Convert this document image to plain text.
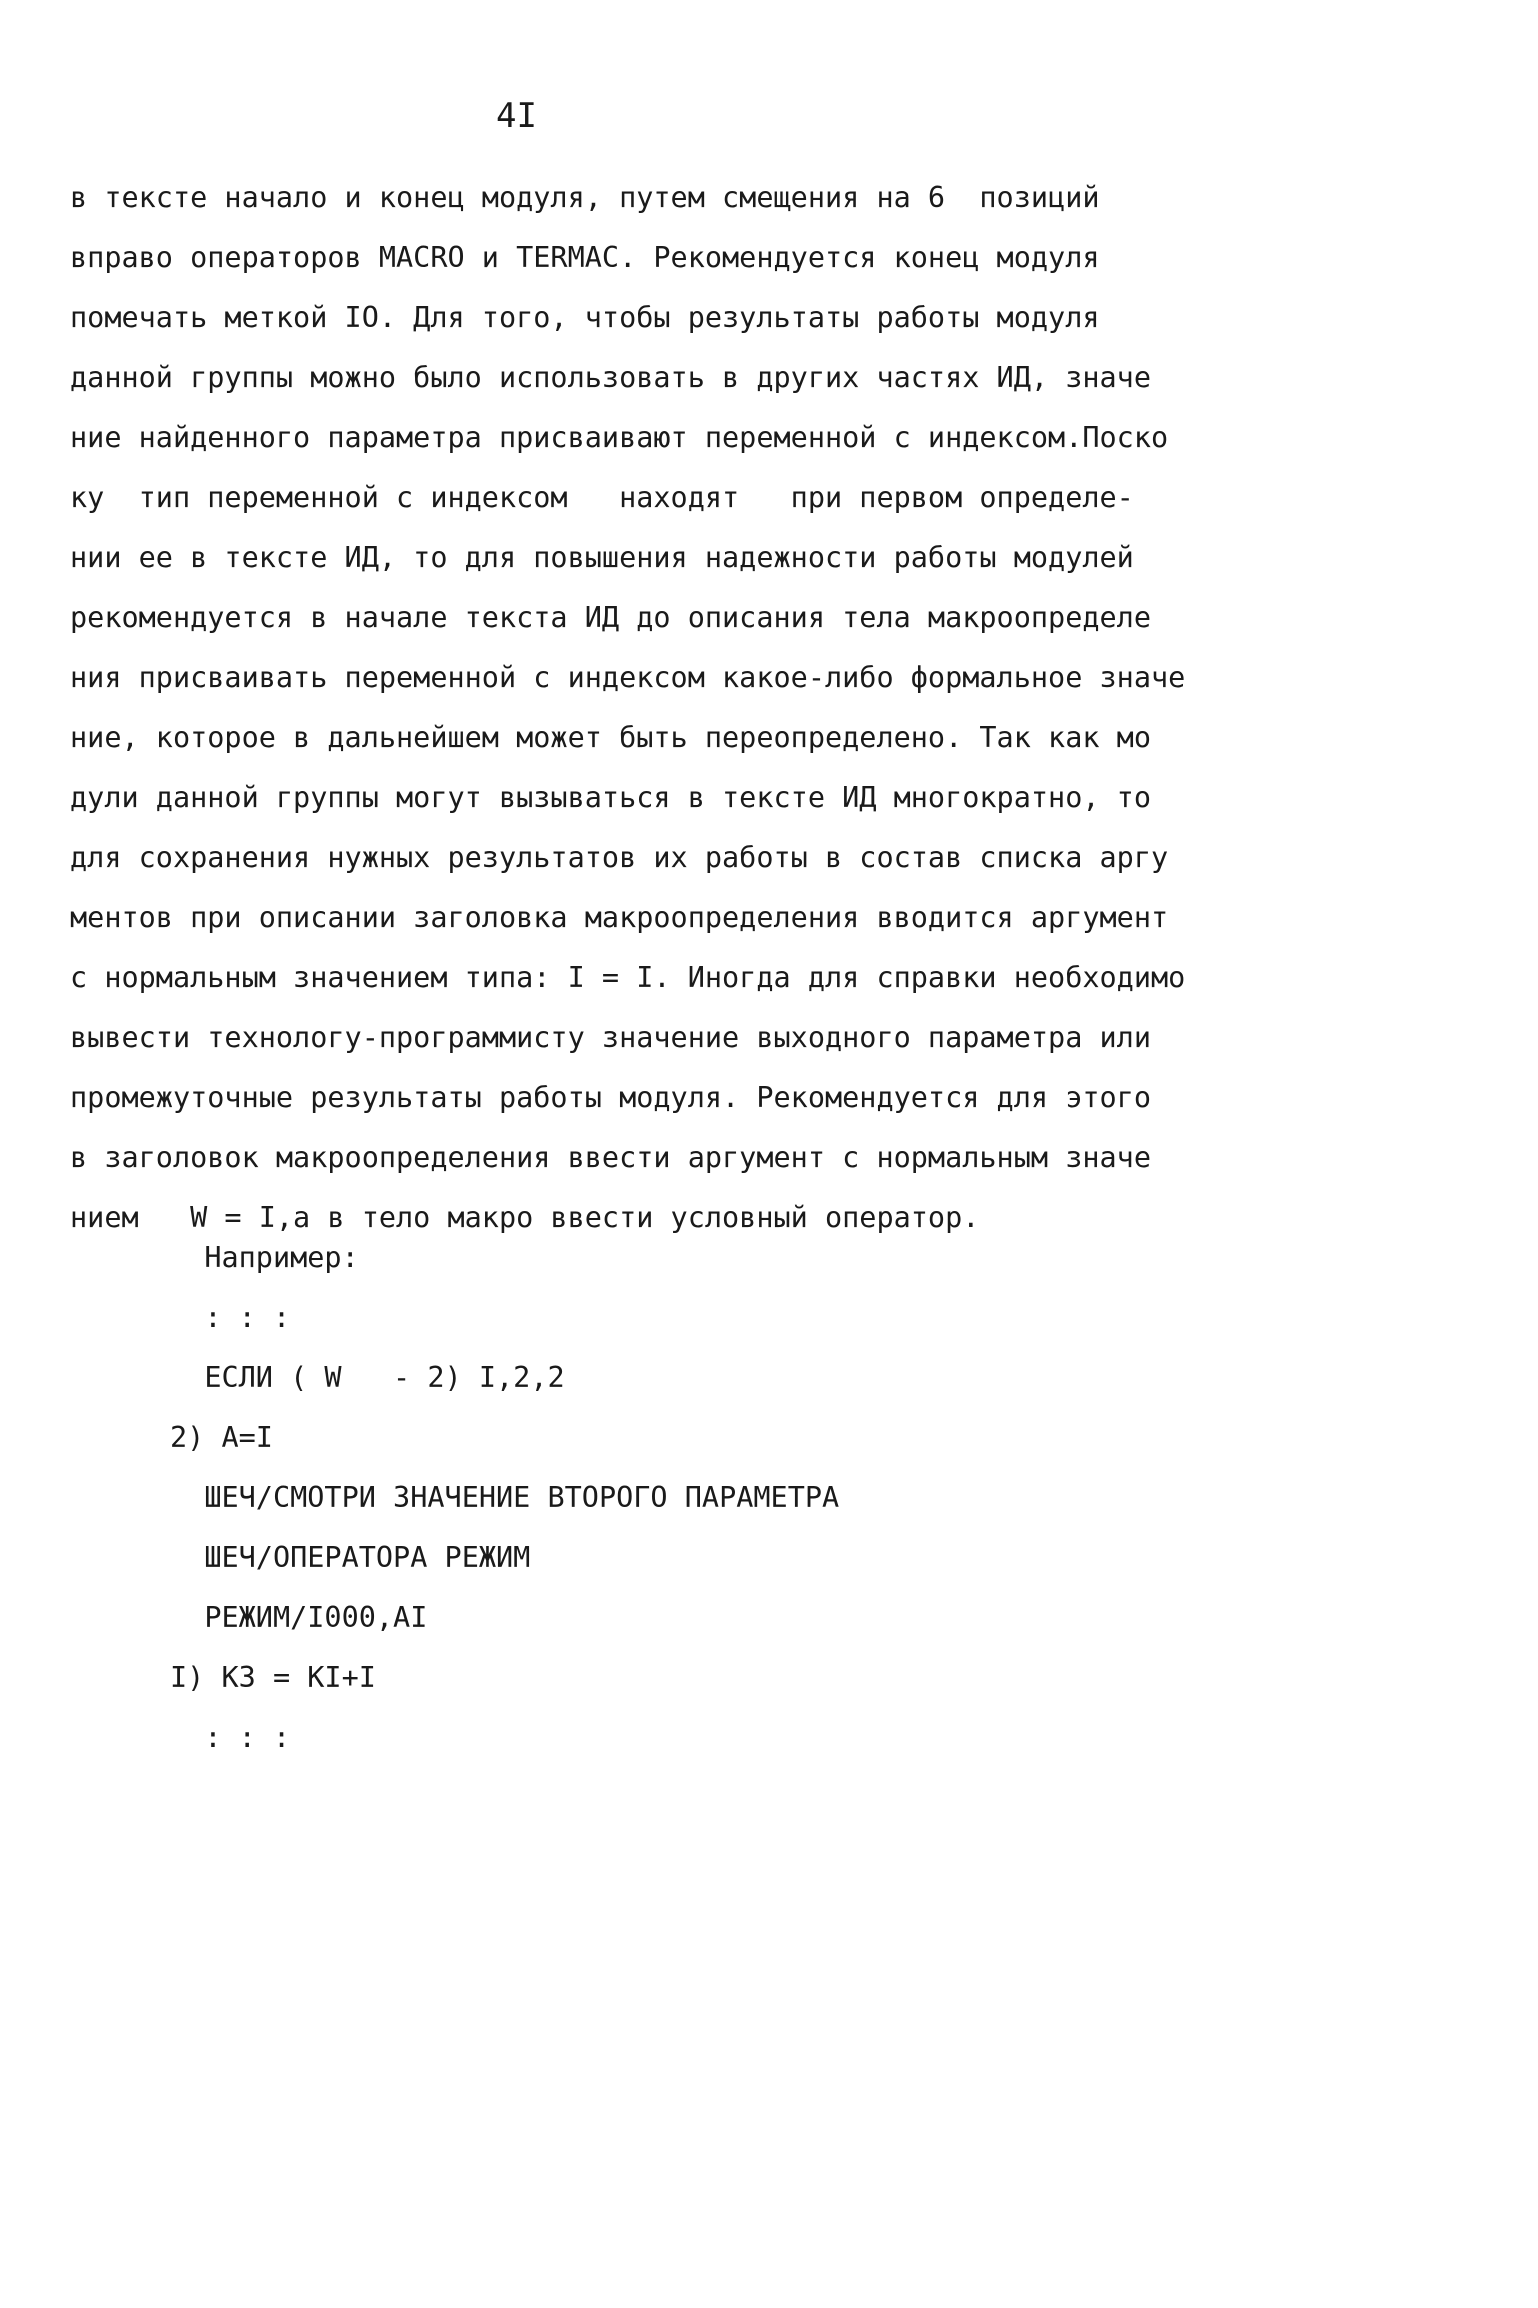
4I
в тексте начало и конец модуля, путем смещения на 6  позиций
вправо операторов MACRO и TERMAC. Рекомендуется конец модуля
помечать меткой IO. Для того, чтобы результаты работы модуля
данной группы можно было использовать в других частях ИД, значе
ние найденного параметра присваивают переменной с индексом.Поско
ку  тип переменной с индексом   находят   при первом определе-
нии ее в тексте ИД, то для повышения надежности работы модулей
рекомендуется в начале текста ИД до описания тела макроопределе
ния присваивать переменной с индексом какое-либо формальное значе
ние, которое в дальнейшем может быть переопределено. Так как мо
дули данной группы могут вызываться в тексте ИД многократно, то
для сохранения нужных результатов их работы в состав списка аргу
ментов при описании заголовка макроопределения вводится аргумент
с нормальным значением типа: I = I. Иногда для справки необходимо
вывести технологу-программисту значение выходного параметра или
промежуточные результаты работы модуля. Рекомендуется для этого
в заголовок макроопределения ввести аргумент с нормальным значе
нием   W = I,а в тело макро ввести условный оператор.
Например:
: : :
ЕСЛИ ( W   - 2) I,2,2
2) A=I
ШЕЧ/СМОТРИ ЗНАЧЕНИЕ ВТОРОГО ПАРАМЕТРА
ШЕЧ/ОПЕРАТОРА РЕЖИМ
РЕЖИМ/I000,AI
I) K3 = KI+I
: : :
